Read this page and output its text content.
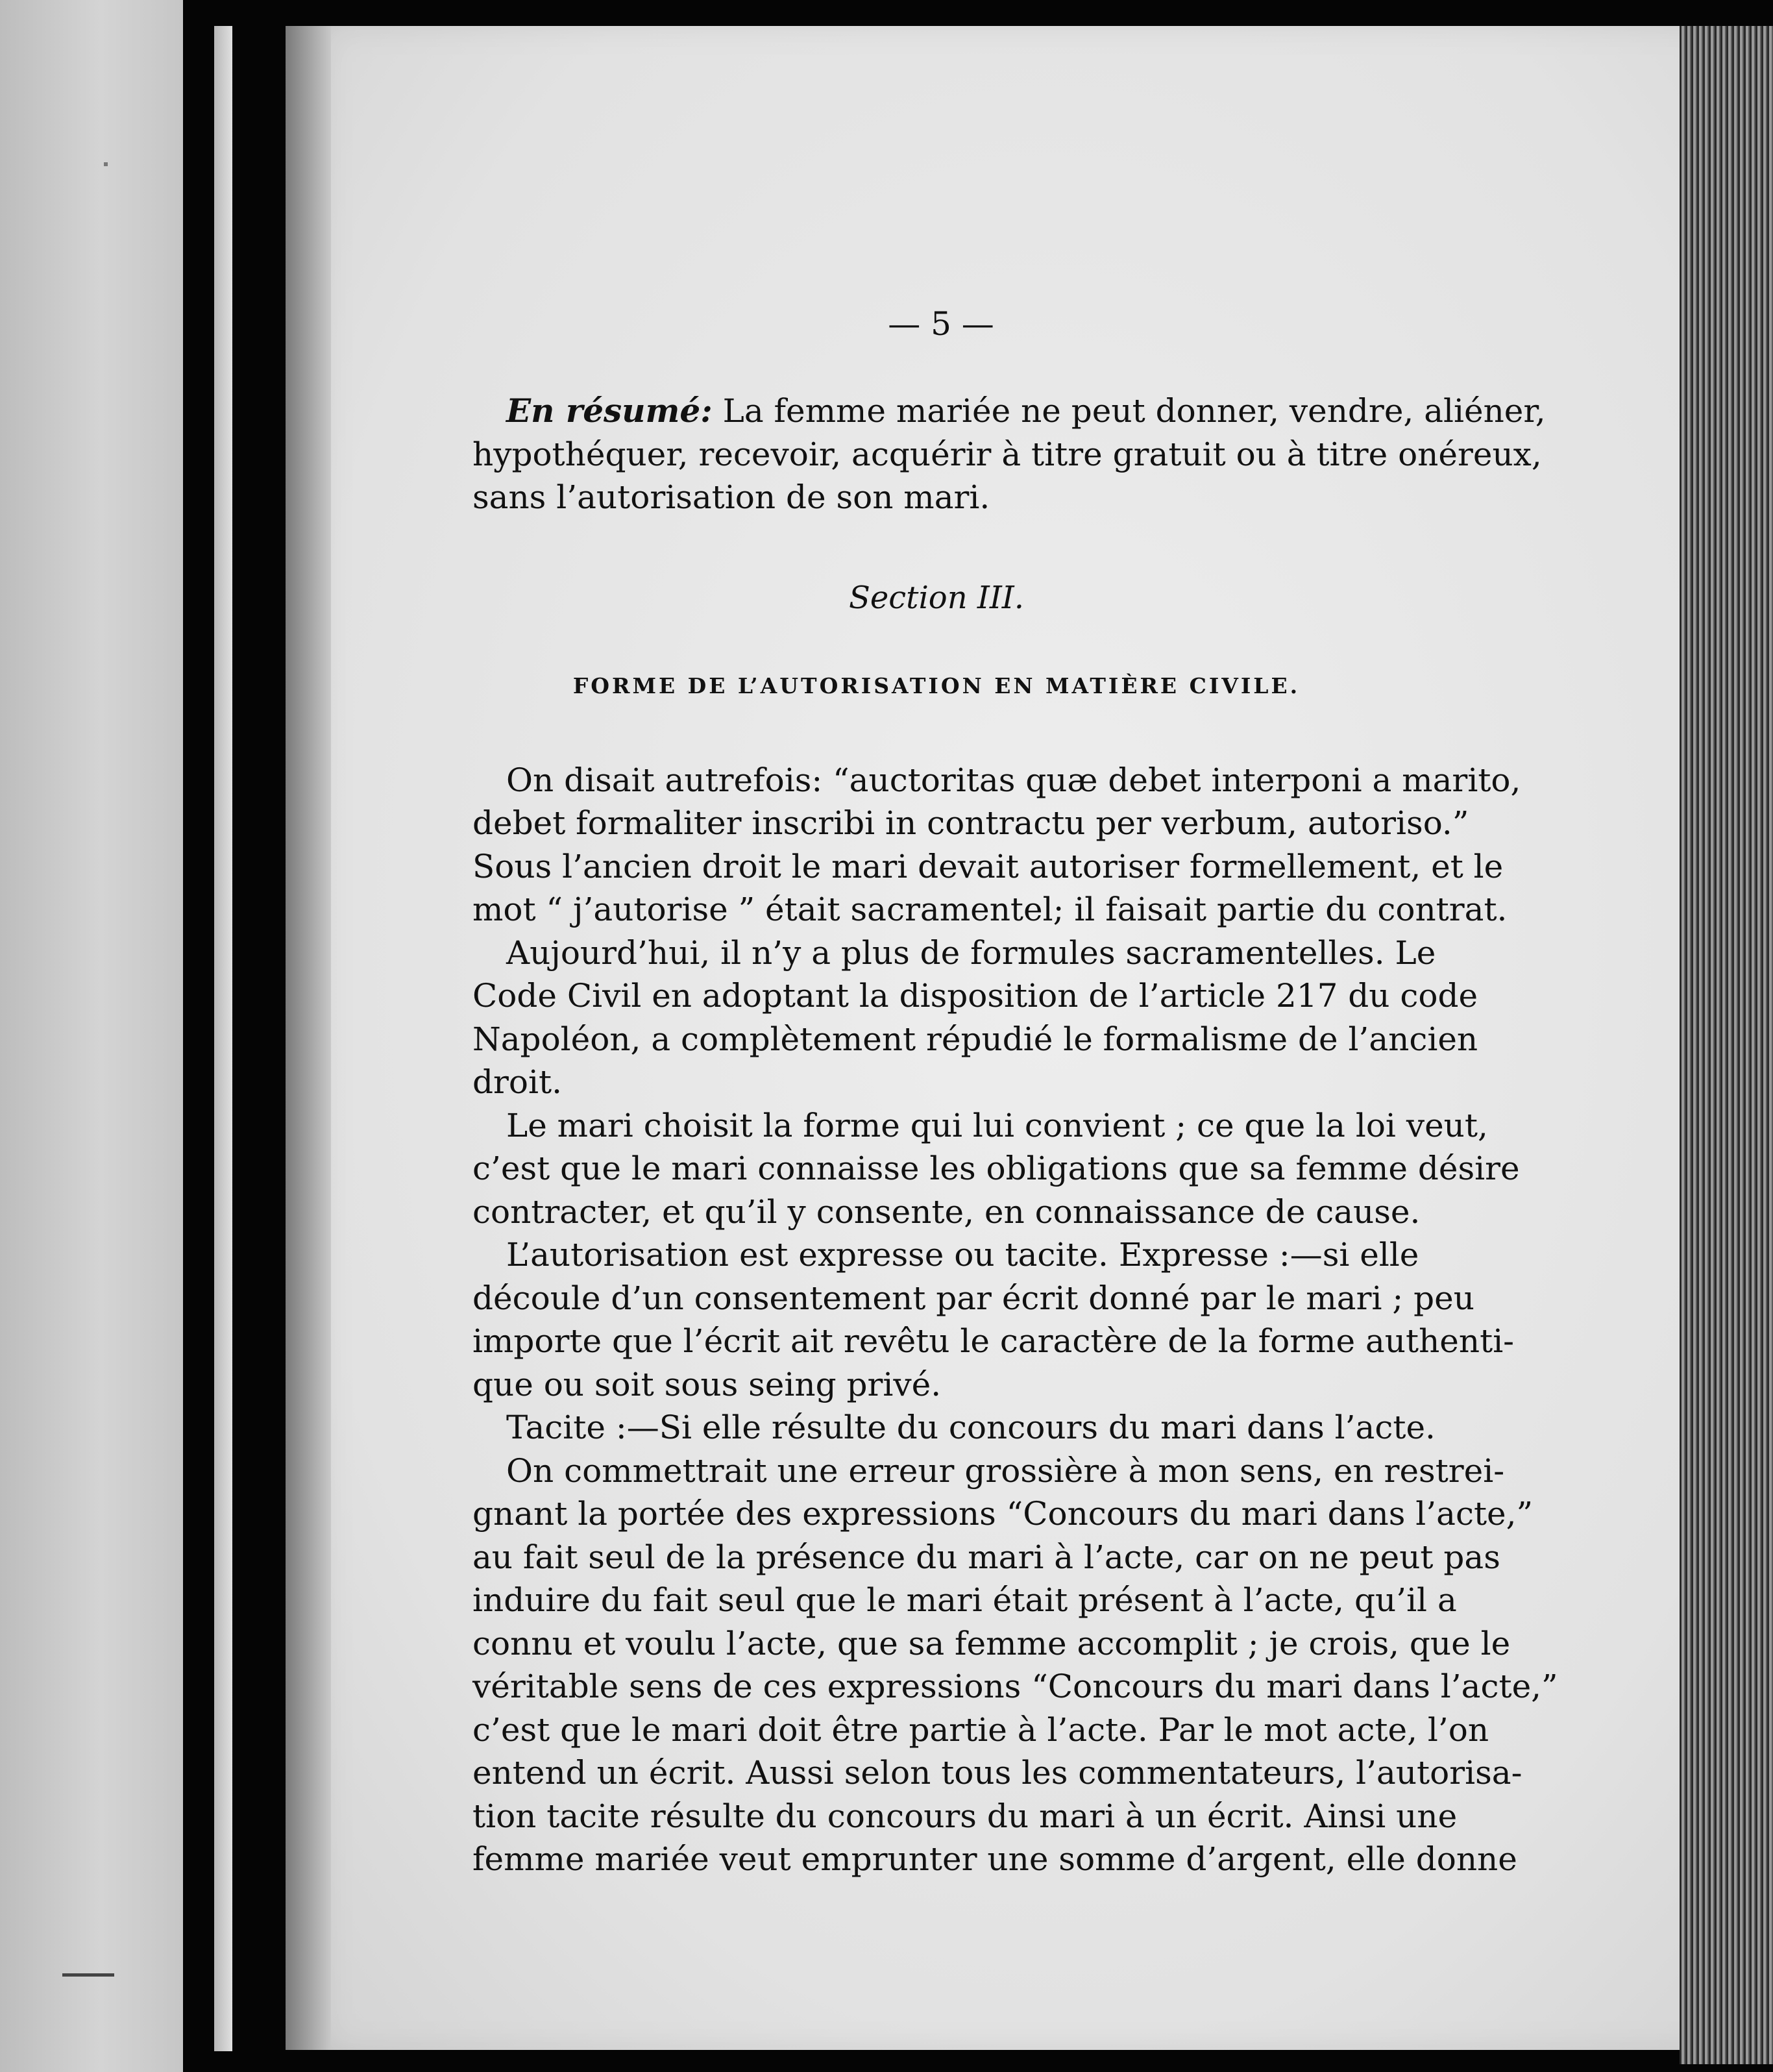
— 5 —
En résumé: La femme mariée ne peut donner, vendre, aliéner,
hypothéquer, recevoir, acquérir à titre gratuit ou à titre onéreux,
sans l’autorisation de son mari.
Section III.
FORME DE L’AUTORISATION EN MATIÈRE CIVILE.
On disait autrefois: “auctoritas quæ debet interponi a marito,
debet formaliter inscribi in contractu per verbum, autoriso.”
Sous l’ancien droit le mari devait autoriser formellement, et le
mot “ j’autorise ” était sacramentel; il faisait partie du contrat.
Aujourd’hui, il n’y a plus de formules sacramentelles. Le
Code Civil en adoptant la disposition de l’article 217 du code
Napoléon, a complètement répudié le formalisme de l’ancien
droit.
Le mari choisit la forme qui lui convient ; ce que la loi veut,
c’est que le mari connaisse les obligations que sa femme désire
contracter, et qu’il y consente, en connaissance de cause.
L’autorisation est expresse ou tacite. Expresse :—si elle
découle d’un consentement par écrit donné par le mari ; peu
importe que l’écrit ait revêtu le caractère de la forme authenti-
que ou soit sous seing privé.
Tacite :—Si elle résulte du concours du mari dans l’acte.
On commettrait une erreur grossière à mon sens, en restrei-
gnant la portée des expressions “Concours du mari dans l’acte,”
au fait seul de la présence du mari à l’acte, car on ne peut pas
induire du fait seul que le mari était présent à l’acte, qu’il a
connu et voulu l’acte, que sa femme accomplit ; je crois, que le
véritable sens de ces expressions “Concours du mari dans l’acte,”
c’est que le mari doit être partie à l’acte. Par le mot acte, l’on
entend un écrit. Aussi selon tous les commentateurs, l’autorisa-
tion tacite résulte du concours du mari à un écrit. Ainsi une
femme mariée veut emprunter une somme d’argent, elle donne
